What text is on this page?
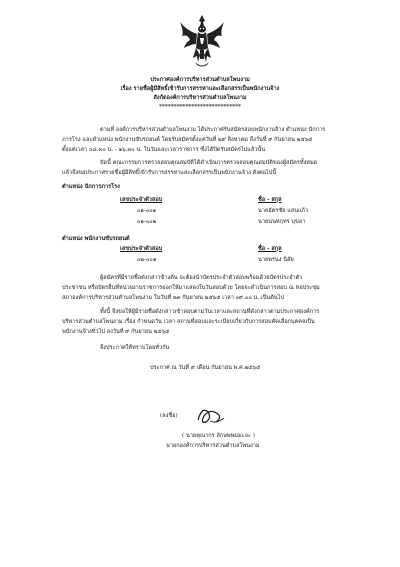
ประกาศองค์การบริหารส่วนตำบลโพนงาม
เรื่อง รายชื่อผู้มีสิทธิ์เข้ารับการสรรหาและเลือกสรรเป็นพนักงานจ้าง
สังกัดองค์การบริหารส่วนตำบลโพนงาม
****************************
ตามที่ องค์การบริหารส่วนตำบลโพนงาม ได้ประกาศรับสมัครสอบพนักงานจ้าง ตำแหน่ง นักการ
ภารโรง และตำแหน่ง พนักงานขับรถยนต์ โดยรับสมัครตั้งแต่วันที่ ๒๙ สิงหาคม ถึงวันที่ ๙ กันยายน ๒๕๖๕
ตั้งแต่เวลา ๐๘.๓๐ น. - ๑๖.๓๐ น. ในวันและเวลาราชการ ซึ่งได้ปิดรับสมัครไปแล้วนั้น
บัดนี้ คณะกรรมการตรวจสอบคุณสมบัติได้ดำเนินการตรวจสอบคุณสมบัติของผู้สมัครทั้งหมด
แล้วจึงขอประกาศรายชื่อผู้มีสิทธิ์เข้ารับการสรรหาและเลือกสรรเป็นพนักงานจ้าง ดังต่อไปนี้
ตำแหน่ง นักการภารโรง
เลขประจำตัวสอบ	ชื่อ - สกุล
๐๑-๐๐๑	นายอัครชัย แสนแก้ว
๐๑-๐๐๒	นายนนทกุทร บุขลา
ตำแหน่ง พนักงานขับรถยนต์
เลขประจำตัวสอบ	ชื่อ - สกุล
๐๒-๐๐๑	นายพรนง นิสัย
ผู้สมัครที่มีรายชื่อดังกล่าวข้างต้น จะต้องนำบัตรประจำตัวสอบพร้อมด้วยบัตรประจำตัว
ประชาชน หรือบัตรอื่นที่หน่วยงานราชการออกให้มาแสดงในวันสอบด้วย โดยจะดำเนินการสอบ ณ หอประชุม
สภาองค์การบริหารส่วนตำบลโพนงาม ในวันที่ ๒๓ กันยายน ๒๕๖๕ เวลา ๐๙.๐๐ น. เป็นต้นไป
ทั้งนี้ จึงขอให้ผู้มีรายชื่อดังกล่าวเข้าสอบตามวันเวลาและสถานที่ดังกล่าวตามประกาศองค์การ
บริหารส่วนตำบลโพนงาม เรื่อง กำหนดวัน เวลา สถานที่สอบและระเบียบเกี่ยวกับการสอบคัดเลือกบุคคลเป็น
พนักงานจ้างทั่วไป ลงวันที่ ๙ กันยายน ๒๕๖๕
จึงประกาศให้ทราบโดยทั่วกัน
ประกาศ ณ วันที่ ๙ เดือน กันยายน พ.ศ.๒๕๖๕
(ลงชื่อ)
( นายคุณากร อักษพพมมะจะ )
นายกองค์การบริหารส่วนตำบลโพนงาม
